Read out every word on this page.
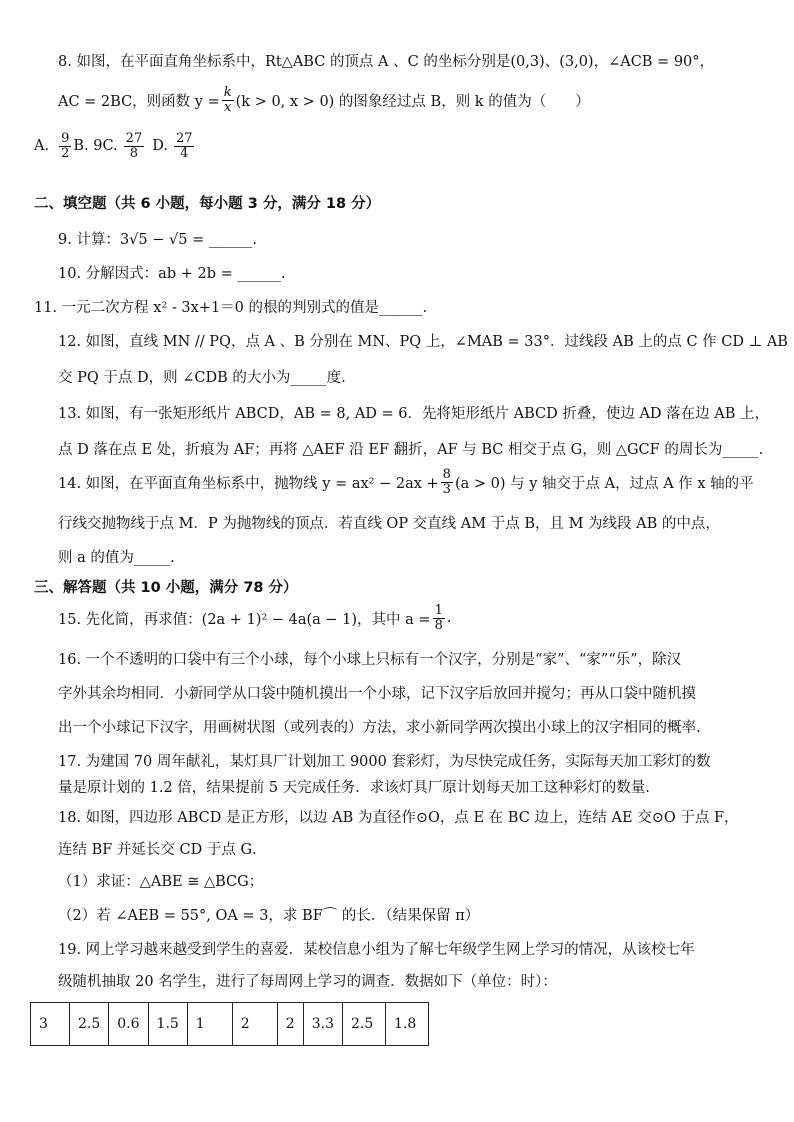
8. 如图，在平面直角坐标系中，Rt△ABC 的顶点 A 、C 的坐标分别是(0,3)、(3,0)，∠ACB = 90°，
AC = 2BC，则函数 $y = \frac{k}{x} (k > 0$, x > 0) 的图象经过点 B，则 k 的值为（　　）
A. $\frac{9}{2} B$. 9C. $\frac{27}{8} D$. $\frac{27}{4}$
二、填空题（共 6 小题，每小题 3 分，满分 18 分）
9. 计算：3√5 − √5 = ______.
10. 分解因式：ab + 2b = ______.
11. 一元二次方程 x² - 3x+1＝0 的根的判别式的值是______.
12. 如图，直线 MN // PQ，点 A 、B 分别在 MN、PQ 上，∠MAB = 33°．过线段 AB 上的点 C 作 CD ⊥ AB
交 PQ 于点 D，则 ∠CDB 的大小为_____度.
13. 如图，有一张矩形纸片 ABCD，AB = 8, AD = 6．先将矩形纸片 ABCD 折叠，使边 AD 落在边 AB 上，
点 D 落在点 E 处，折痕为 AF；再将 △AEF 沿 EF 翻折，AF 与 BC 相交于点 G，则 △GCF 的周长为_____.
14. 如图，在平面直角坐标系中，抛物线 $y = ax^2 - 2ax + \frac{8}{3} (a > 0)$ 与 y 轴交于点 A，过点 A 作 x 轴的平
行线交抛物线于点 M．P 为抛物线的顶点．若直线 OP 交直线 AM 于点 B，且 M 为线段 AB 的中点，
则 a 的值为_____.
三、解答题（共 10 小题，满分 78 分）
15. 先化简，再求值：(2a + 1)² − 4a(a − 1)，其中 $a = \frac{1}{8}$ .
16. 一个不透明的口袋中有三个小球，每个小球上只标有一个汉字，分别是“家”、“家”“乐”，除汉
字外其余均相同．小新同学从口袋中随机摸出一个小球，记下汉字后放回并搅匀；再从口袋中随机摸
出一个小球记下汉字，用画树状图（或列表的）方法，求小新同学两次摸出小球上的汉字相同的概率.
17. 为建国 70 周年献礼，某灯具厂计划加工 9000 套彩灯，为尽快完成任务，实际每天加工彩灯的数
量是原计划的 1.2 倍，结果提前 5 天完成任务．求该灯具厂原计划每天加工这种彩灯的数量.
18. 如图，四边形 ABCD 是正方形，以边 AB 为直径作⊙O，点 E 在 BC 边上，连结 AE 交⊙O 于点 F，
连结 BF 并延长交 CD 于点 G．
（1）求证：△ABE ≅ △BCG；
（2）若 ∠AEB = 55°, OA = 3，求 BF⌒ 的长．（结果保留 π）
19. 网上学习越来越受到学生的喜爱．某校信息小组为了解七年级学生网上学习的情况，从该校七年
级随机抽取 20 名学生，进行了每周网上学习的调查．数据如下（单位：时）：
3	2.5	0.6	1.5	1	2	2	3.3	2.5	1.8
